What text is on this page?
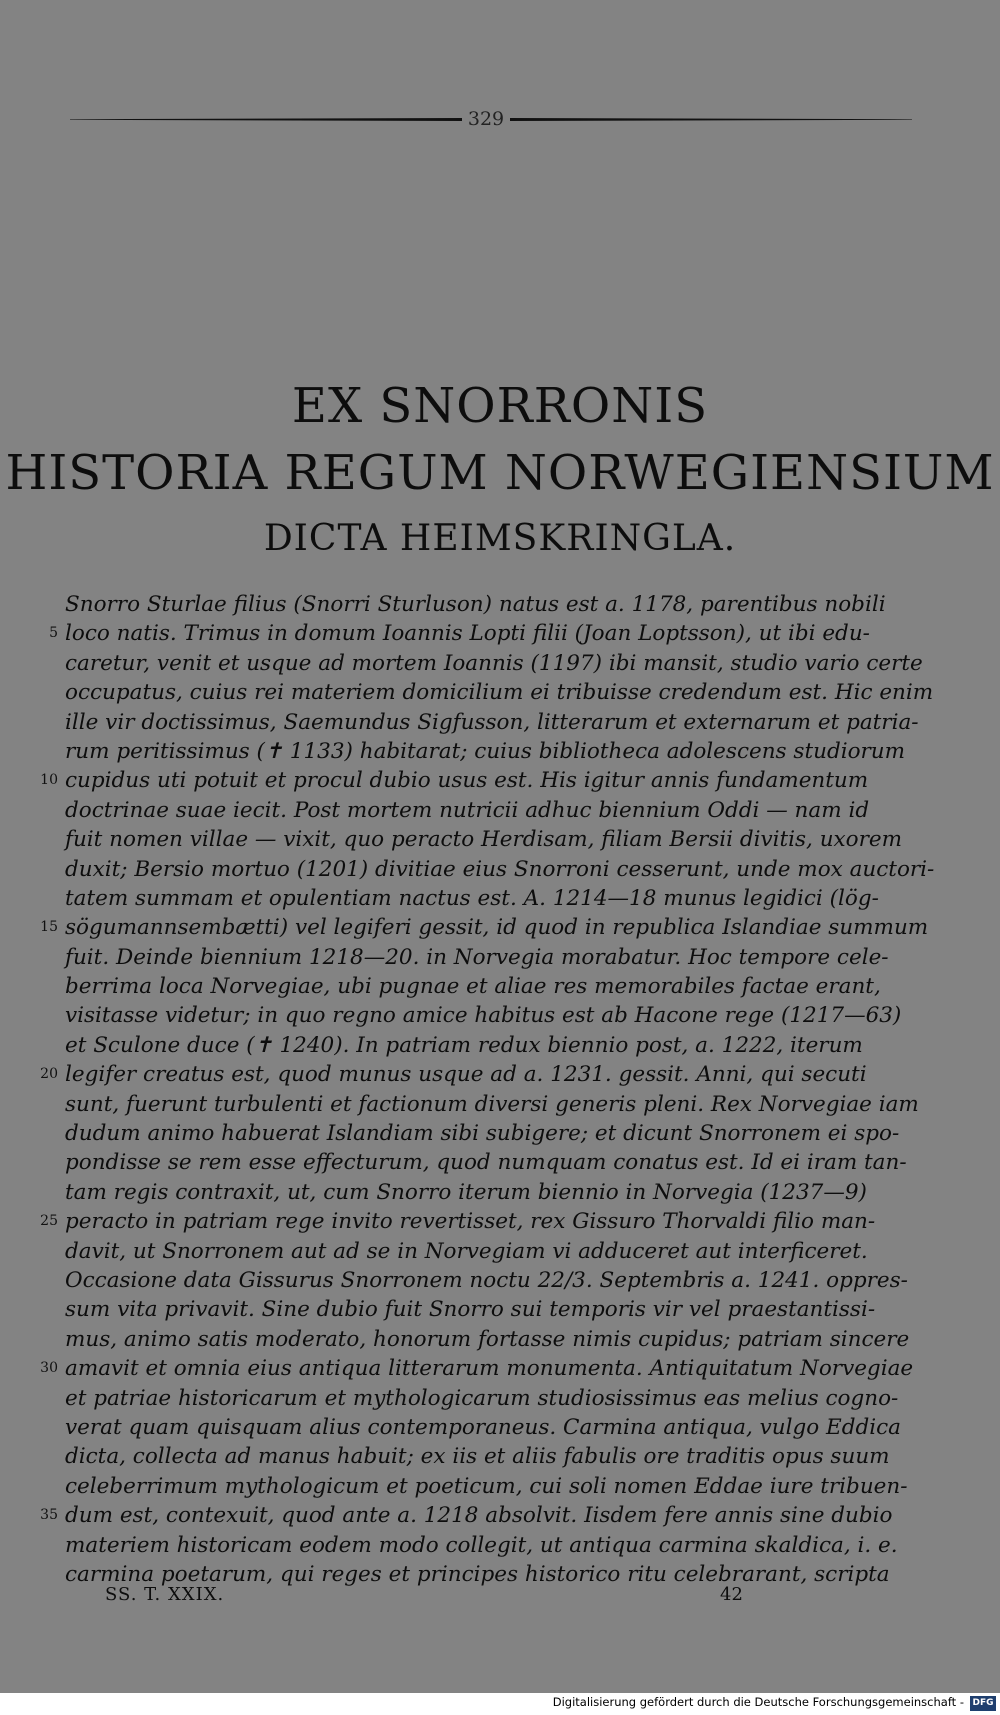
329
EX SNORRONIS
HISTORIA REGUM NORWEGIENSIUM
DICTA HEIMSKRINGLA.
Snorro Sturlae filius (Snorri Sturluson) natus est a. 1178, parentibus nobili
5 loco natis. Trimus in domum Ioannis Lopti filii (Joan Loptsson), ut ibi edu-
caretur, venit et usque ad mortem Ioannis (1197) ibi mansit, studio vario certe
occupatus, cuius rei materiem domicilium ei tribuisse credendum est. Hic enim
ille vir doctissimus, Saemundus Sigfusson, litterarum et externarum et patria-
rum peritissimus (✝ 1133) habitarat; cuius bibliotheca adolescens studiorum
10 cupidus uti potuit et procul dubio usus est. His igitur annis fundamentum
doctrinae suae iecit. Post mortem nutricii adhuc biennium Oddi — nam id
fuit nomen villae — vixit, quo peracto Herdisam, filiam Bersii divitis, uxorem
duxit; Bersio mortuo (1201) divitiae eius Snorroni cesserunt, unde mox auctori-
tatem summam et opulentiam nactus est. A. 1214—18 munus legidici (lög-
15 sögumannsembætti) vel legiferi gessit, id quod in republica Islandiae summum
fuit. Deinde biennium 1218—20. in Norvegia morabatur. Hoc tempore cele-
berrima loca Norvegiae, ubi pugnae et aliae res memorabiles factae erant,
visitasse videtur; in quo regno amice habitus est ab Hacone rege (1217—63)
et Sculone duce (✝ 1240). In patriam redux biennio post, a. 1222, iterum
20 legifer creatus est, quod munus usque ad a. 1231. gessit. Anni, qui secuti
sunt, fuerunt turbulenti et factionum diversi generis pleni. Rex Norvegiae iam
dudum animo habuerat Islandiam sibi subigere; et dicunt Snorronem ei spo-
pondisse se rem esse effecturum, quod numquam conatus est. Id ei iram tan-
tam regis contraxit, ut, cum Snorro iterum biennio in Norvegia (1237—9)
25 peracto in patriam rege invito revertisset, rex Gissuro Thorvaldi filio man-
davit, ut Snorronem aut ad se in Norvegiam vi adduceret aut interficeret.
Occasione data Gissurus Snorronem noctu 22/3. Septembris a. 1241. oppres-
sum vita privavit. Sine dubio fuit Snorro sui temporis vir vel praestantissi-
mus, animo satis moderato, honorum fortasse nimis cupidus; patriam sincere
30 amavit et omnia eius antiqua litterarum monumenta. Antiquitatum Norvegiae
et patriae historicarum et mythologicarum studiosissimus eas melius cogno-
verat quam quisquam alius contemporaneus. Carmina antiqua, vulgo Eddica
dicta, collecta ad manus habuit; ex iis et aliis fabulis ore traditis opus suum
celeberrimum mythologicum et poeticum, cui soli nomen Eddae iure tribuen-
35 dum est, contexuit, quod ante a. 1218 absolvit. Iisdem fere annis sine dubio
materiem historicam eodem modo collegit, ut antiqua carmina skaldica, i. e.
carmina poetarum, qui reges et principes historico ritu celebrarant, scripta
SS. T. XXIX.	42
Digitalisierung gefördert durch die Deutsche Forschungsgemeinschaft - DFG
